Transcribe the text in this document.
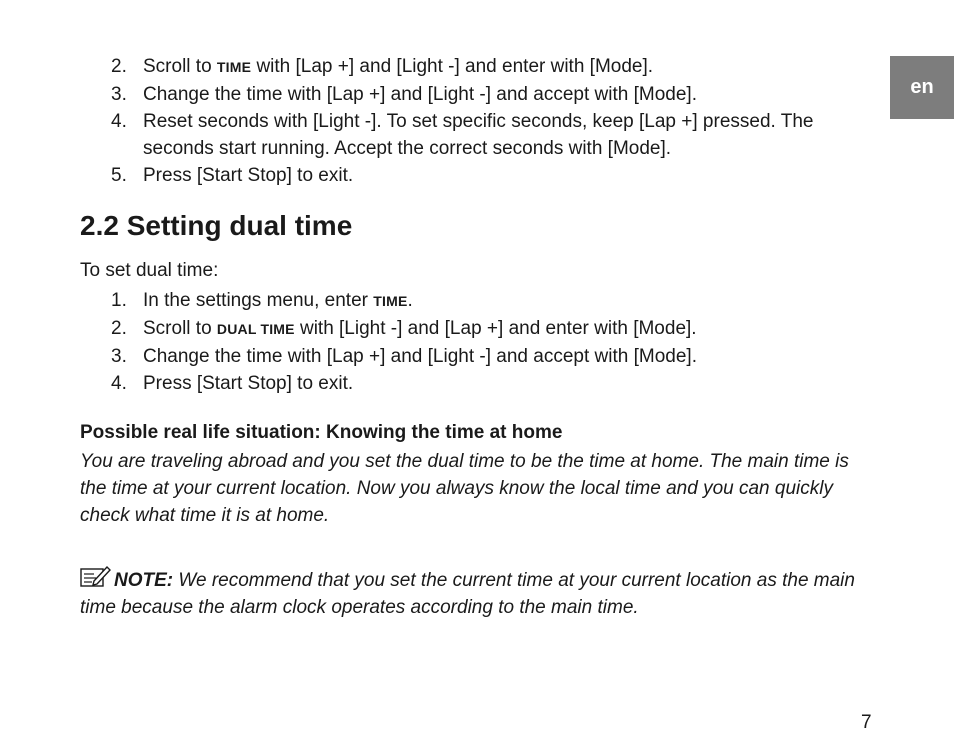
en
2. Scroll to TIME with [Lap +] and [Light -] and enter with [Mode].
3. Change the time with [Lap +] and [Light -] and accept with [Mode].
4. Reset seconds with [Light -]. To set specific seconds, keep [Lap +] pressed. The seconds start running. Accept the correct seconds with [Mode].
5. Press [Start Stop] to exit.
2.2 Setting dual time

To set dual time:

1. In the settings menu, enter TIME.
2. Scroll to DUAL TIME with [Light -] and [Lap +] and enter with [Mode].
3. Change the time with [Lap +] and [Light -] and accept with [Mode].
4. Press [Start Stop] to exit.
Possible real life situation: Knowing the time at home

You are traveling abroad and you set the dual time to be the time at home. The main time is the time at your current location. Now you always know the local time and you can quickly check what time it is at home.

NOTE: We recommend that you set the current time at your current location as the main time because the alarm clock operates according to the main time.

7
